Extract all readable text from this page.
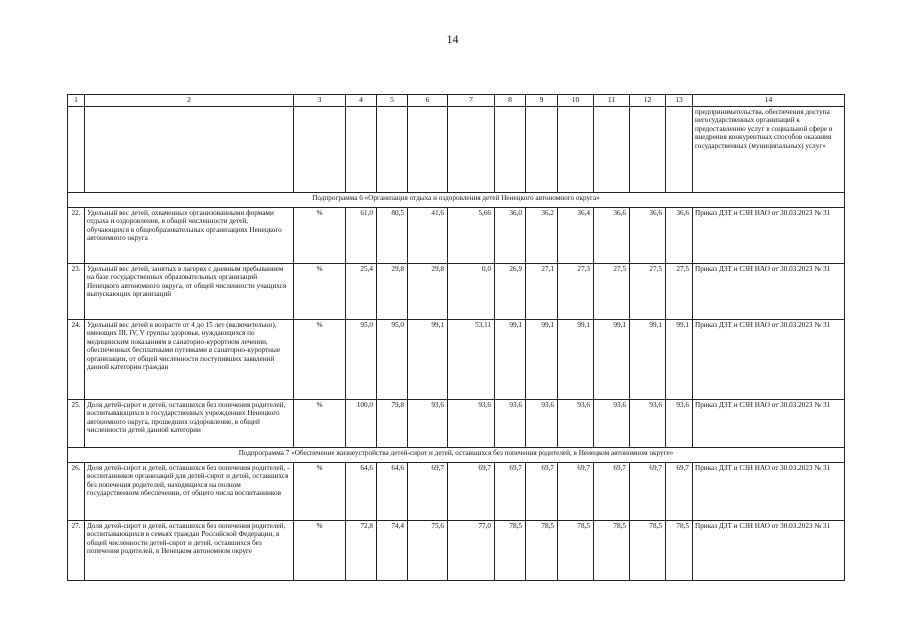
14
1	2	3	4	5	6	7	8	9	10	11	12	13	14
													предпринимательства, обеспечения доступа негосударственных организаций к предоставлению услуг в социальной сфере и внедрения конкурентных способов оказания государственных (муниципальных) услуг»
Подпрограмма 6 «Организация отдыха и оздоровления детей Ненецкого автономного округа»													
22.	Удельный вес детей, охваченных организованными формами отдыха и оздоровления, в общей численности детей, обучающихся в общеобразовательных организациях Ненецкого автономного округа	%	61,0	80,5	41,6	5,66	36,0	36,2	36,4	36,6	36,6	36,6	Приказ ДЗТ и СЗН НАО от 30.03.2023 № 31
23.	Удельный вес детей, занятых в лагерях с дневным пребыванием на базе государственных образовательных организаций Ненецкого автономного округа, от общей численности учащихся выпускающих организаций	%	25,4	29,8	29,8	0,0	26,9	27,1	27,3	27,5	27,5	27,5	Приказ ДЗТ и СЗН НАО от 30.03.2023 № 31
24.	Удельный вес детей в возрасте от 4 до 15 лет (включительно), имеющих III, IV, V группы здоровья, нуждающихся по медицинским показаниям в санаторно-курортном лечении, обеспеченных бесплатными путевками в санаторно-курортные организации, от общей численности поступивших заявлений данной категории граждан	%	95,0	95,0	99,1	53,11	99,1	99,1	99,1	99,1	99,1	99,1	Приказ ДЗТ и СЗН НАО от 30.03.2023 № 31
25.	Доля детей-сирот и детей, оставшихся без попечения родителей, воспитывающихся в государственных учреждениях Ненецкого автономного округа, прошедших оздоровление, в общей численности детей данной категории	%	100,0	79,8	93,6	93,6	93,6	93,6	93,6	93,6	93,6	93,6	Приказ ДЗТ и СЗН НАО от 30.03.2023 № 31
Подпрограмма 7 «Обеспечение жизнеустройства детей-сирот и детей, оставшихся без попечения родителей, в Ненецком автономном округе»													
26.	Доля детей-сирот и детей, оставшихся без попечения родителей, - воспитанников организаций для детей-сирот и детей, оставшихся без попечения родителей, находящихся на полном государственном обеспечении, от общего числа воспитанников	%	64,6	64,6	69,7	69,7	69,7	69,7	69,7	69,7	69,7	69,7	Приказ ДЗТ и СЗН НАО от 30.03.2023 № 31
27.	Доля детей-сирот и детей, оставшихся без попечения родителей, воспитывающихся в семьях граждан Российской Федерации, в общей численности детей-сирот и детей, оставшихся без попечения родителей, в Ненецком автономном округе	%	72,8	74,4	75,6	77,0	78,5	78,5	78,5	78,5	78,5	78,5	Приказ ДЗТ и СЗН НАО от 30.03.2023 № 31
